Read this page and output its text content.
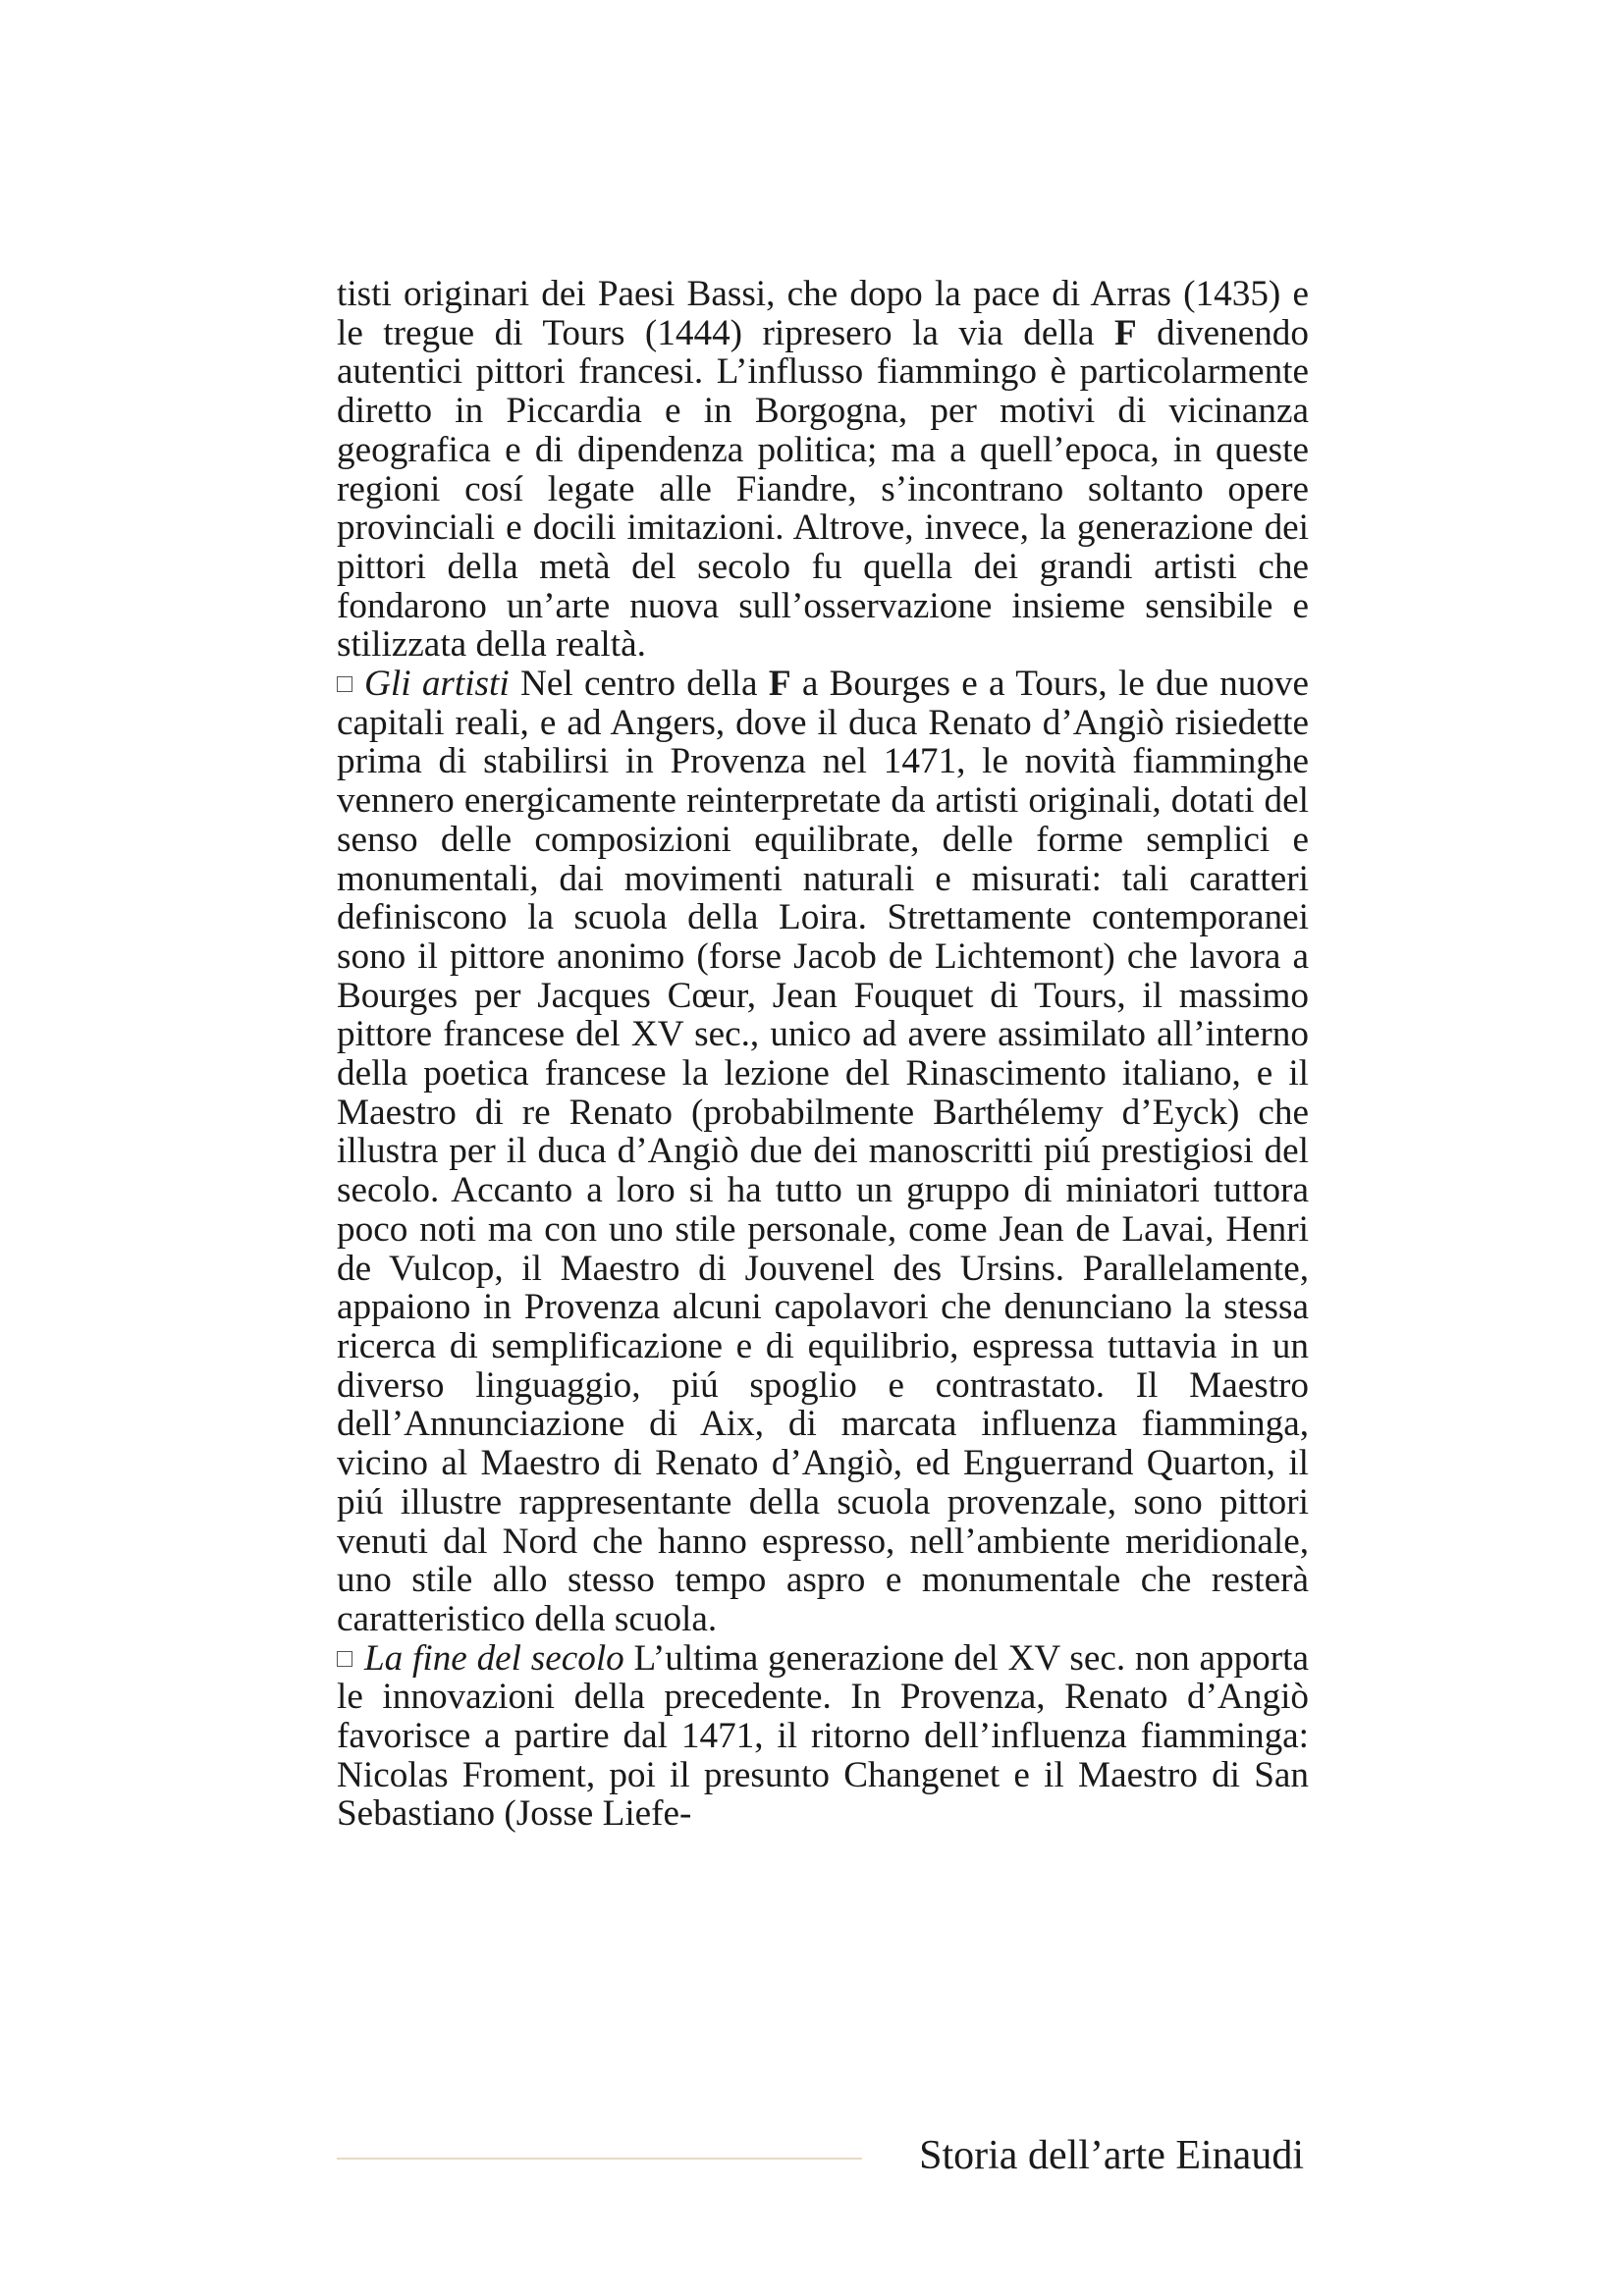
tisti originari dei Paesi Bassi, che dopo la pace di Arras (1435) e le tregue di Tours (1444) ripresero la via della F divenendo autentici pittori francesi. L’influsso fiammingo è particolarmente diretto in Piccardia e in Borgogna, per motivi di vicinanza geografica e di dipendenza politica; ma a quell’epoca, in queste regioni cosí legate alle Fiandre, s’incontrano soltanto opere provinciali e docili imitazioni. Altrove, invece, la generazione dei pittori della metà del secolo fu quella dei grandi artisti che fondarono un’arte nuova sull’osservazione insieme sensibile e stilizzata della realtà.

Gli artisti Nel centro della F a Bourges e a Tours, le due nuove capitali reali, e ad Angers, dove il duca Renato d’Angiò risiedette prima di stabilirsi in Provenza nel 1471, le novità fiamminghe vennero energicamente reinterpretate da artisti originali, dotati del senso delle composizioni equilibrate, delle forme semplici e monumentali, dai movimenti naturali e misurati: tali caratteri definiscono la scuola della Loira. Strettamente contemporanei sono il pittore anonimo (forse Jacob de Lichtemont) che lavora a Bourges per Jacques Cœur, Jean Fouquet di Tours, il massimo pittore francese del XV sec., unico ad avere assimilato all’interno della poetica francese la lezione del Rinascimento italiano, e il Maestro di re Renato (probabilmente Barthélemy d’Eyck) che illustra per il duca d’Angiò due dei manoscritti piú prestigiosi del secolo. Accanto a loro si ha tutto un gruppo di miniatori tuttora poco noti ma con uno stile personale, come Jean de Lavai, Henri de Vulcop, il Maestro di Jouvenel des Ursins. Parallelamente, appaiono in Provenza alcuni capolavori che denunciano la stessa ricerca di semplificazione e di equilibrio, espressa tuttavia in un diverso linguaggio, piú spoglio e contrastato. Il Maestro dell’Annunciazione di Aix, di marcata influenza fiamminga, vicino al Maestro di Renato d’Angiò, ed Enguerrand Quarton, il piú illustre rappresentante della scuola provenzale, sono pittori venuti dal Nord che hanno espresso, nell’ambiente meridionale, uno stile allo stesso tempo aspro e monumentale che resterà caratteristico della scuola.

La fine del secolo L’ultima generazione del XV sec. non apporta le innovazioni della precedente. In Provenza, Renato d’Angiò favorisce a partire dal 1471, il ritorno dell’influenza fiamminga: Nicolas Froment, poi il presunto Changenet e il Maestro di San Sebastiano (Josse Liefe-

Storia dell’arte Einaudi
